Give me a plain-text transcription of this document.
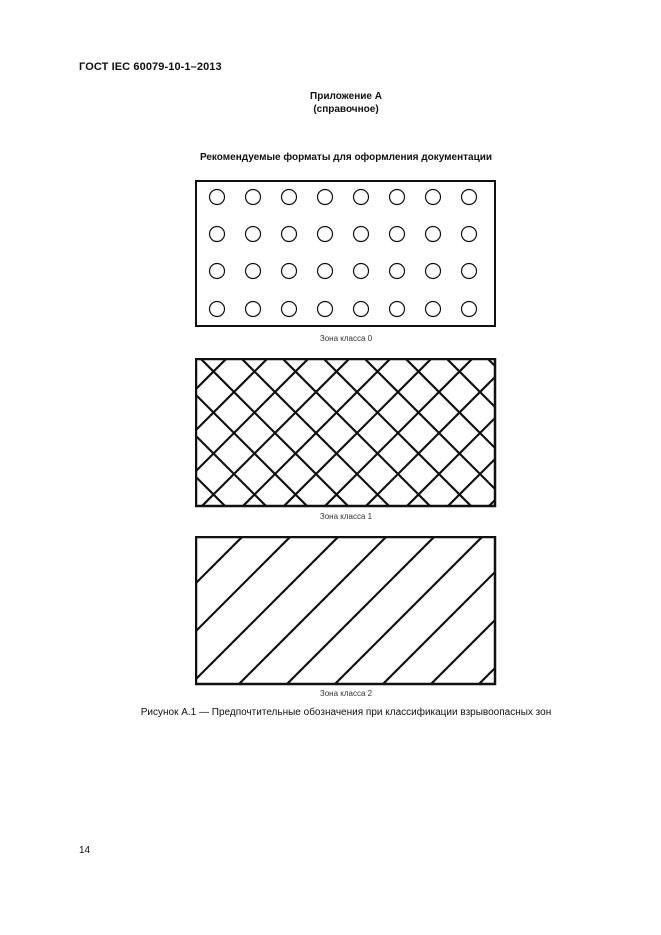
ГОСТ IEC 60079-10-1–2013
Приложение А
(справочное)
Рекомендуемые форматы для оформления документации
Зона класса 0
Зона класса 1
Зона класса 2
Рисунок А.1 — Предпочтительные обозначения при классификации взрывоопасных зон
14
